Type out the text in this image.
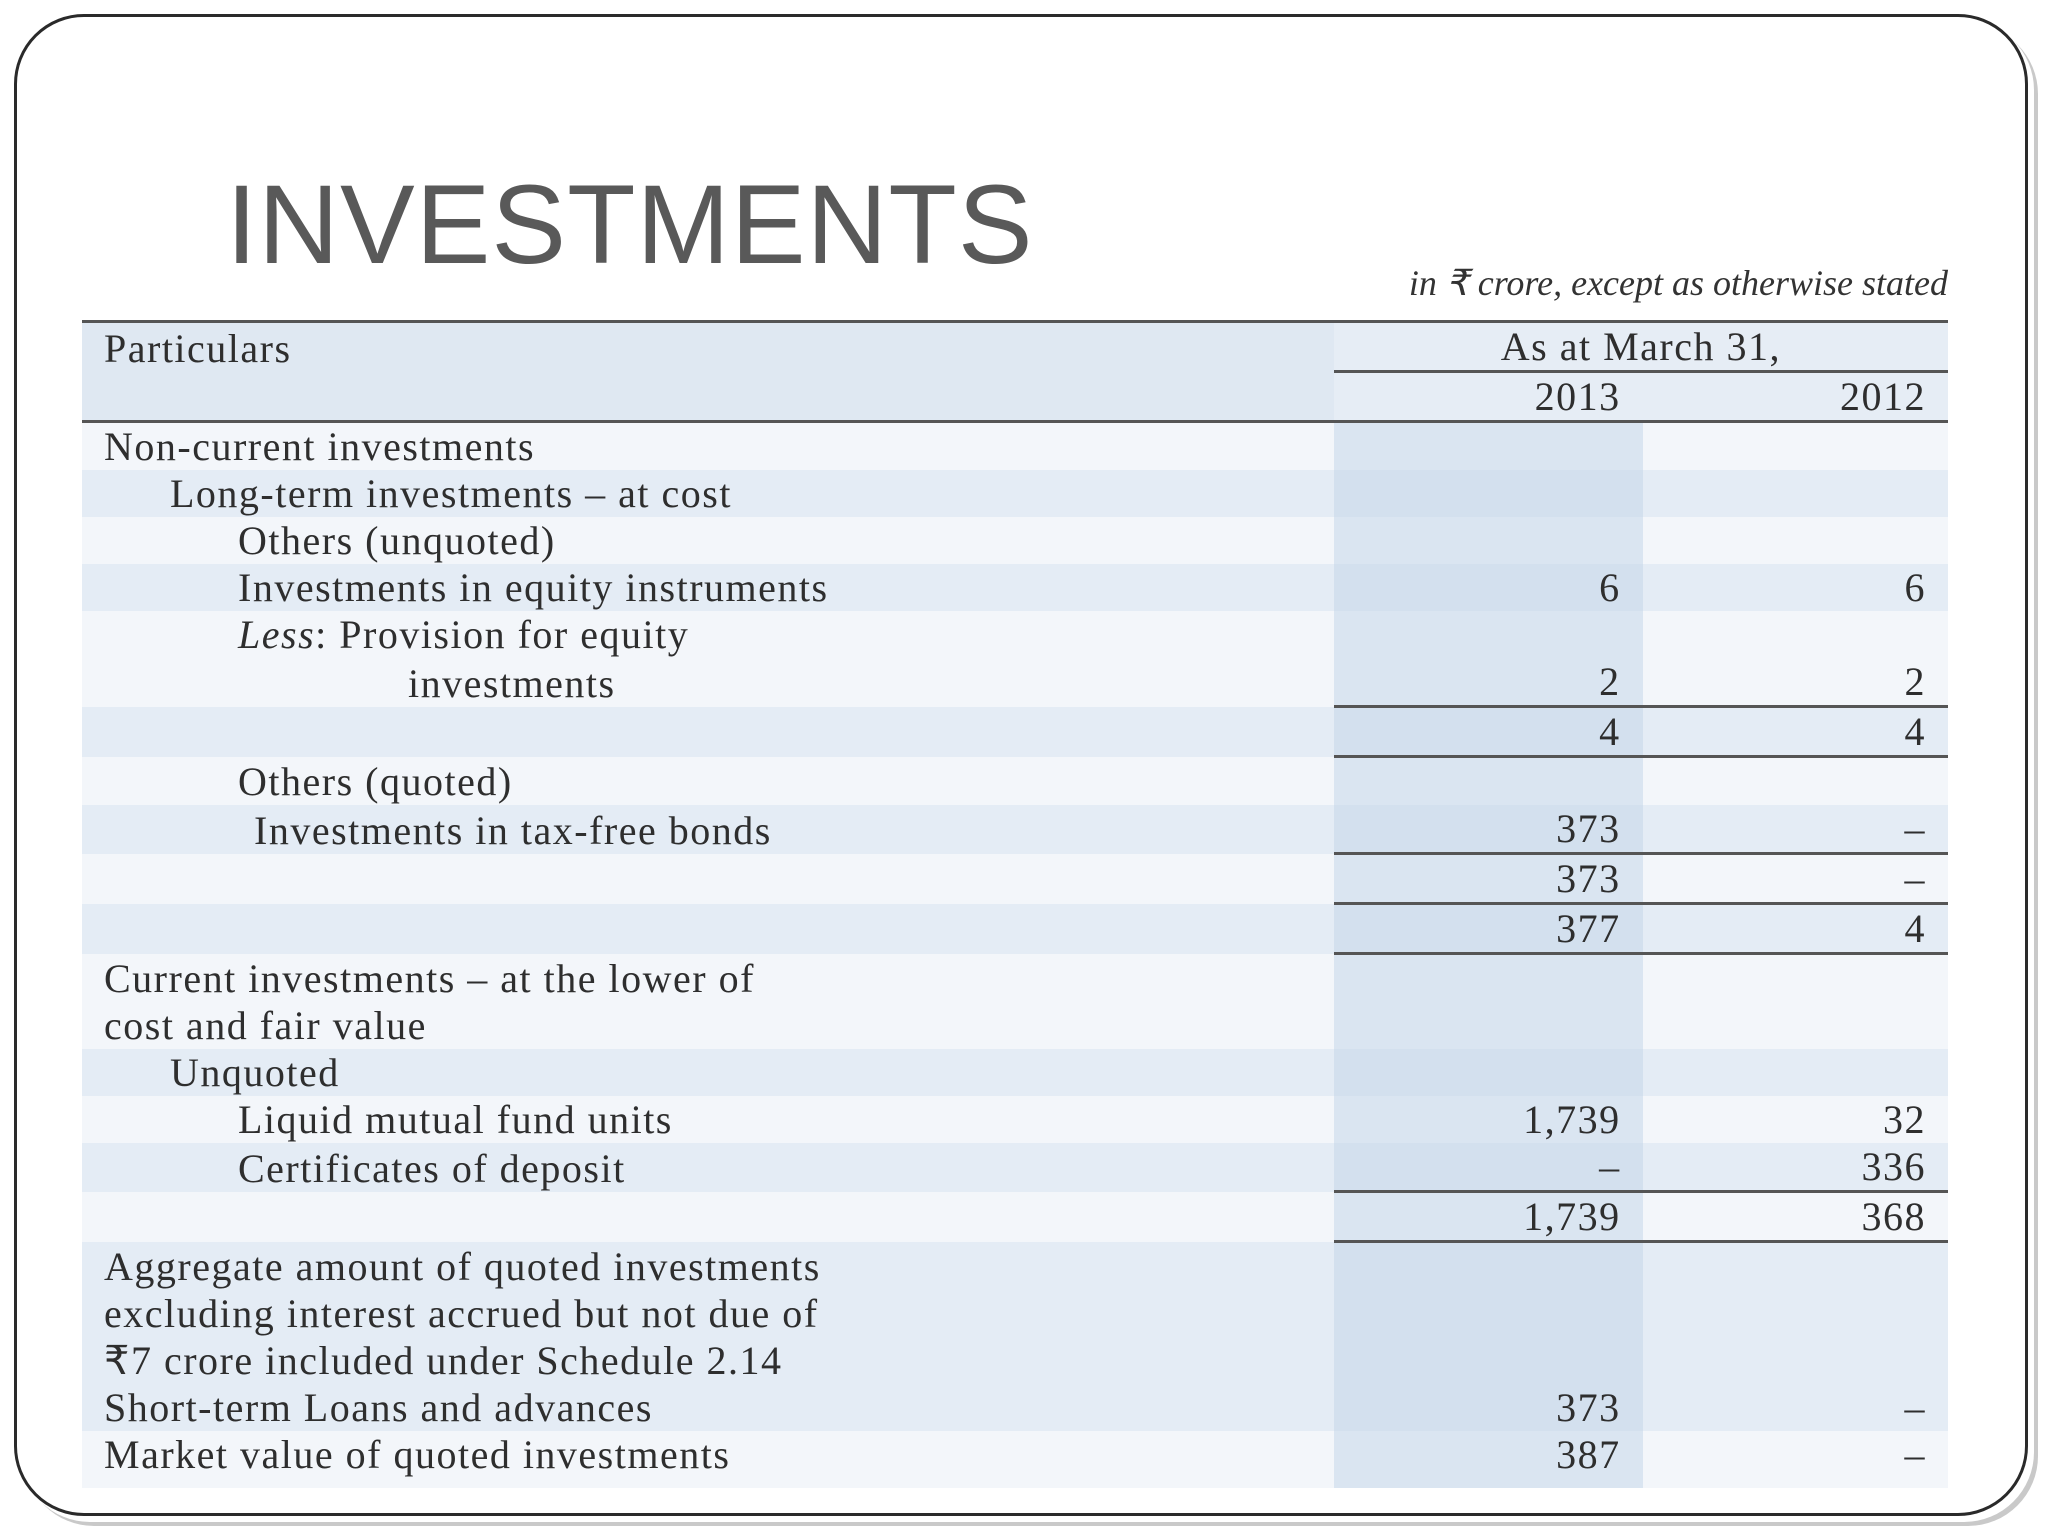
INVESTMENTS	in ₹ crore, except as otherwise stated
Particulars	As at March 31,	
	2013	2012
Non-current investments		
Long-term investments – at cost		
Others (unquoted)		
Investments in equity instruments	6	6
Less: Provision for equity		
investments	2	2
	4	4
Others (quoted)		
Investments in tax-free bonds	373	–
	373	–
	377	4
Current investments – at the lower of		
cost and fair value		
Unquoted		
Liquid mutual fund units	1,739	32
Certificates of deposit	–	336
	1,739	368
Aggregate amount of quoted investments		
excluding interest accrued but not due of		
₹7 crore included under Schedule 2.14		
Short-term Loans and advances	373	–
Market value of quoted investments	387	–
